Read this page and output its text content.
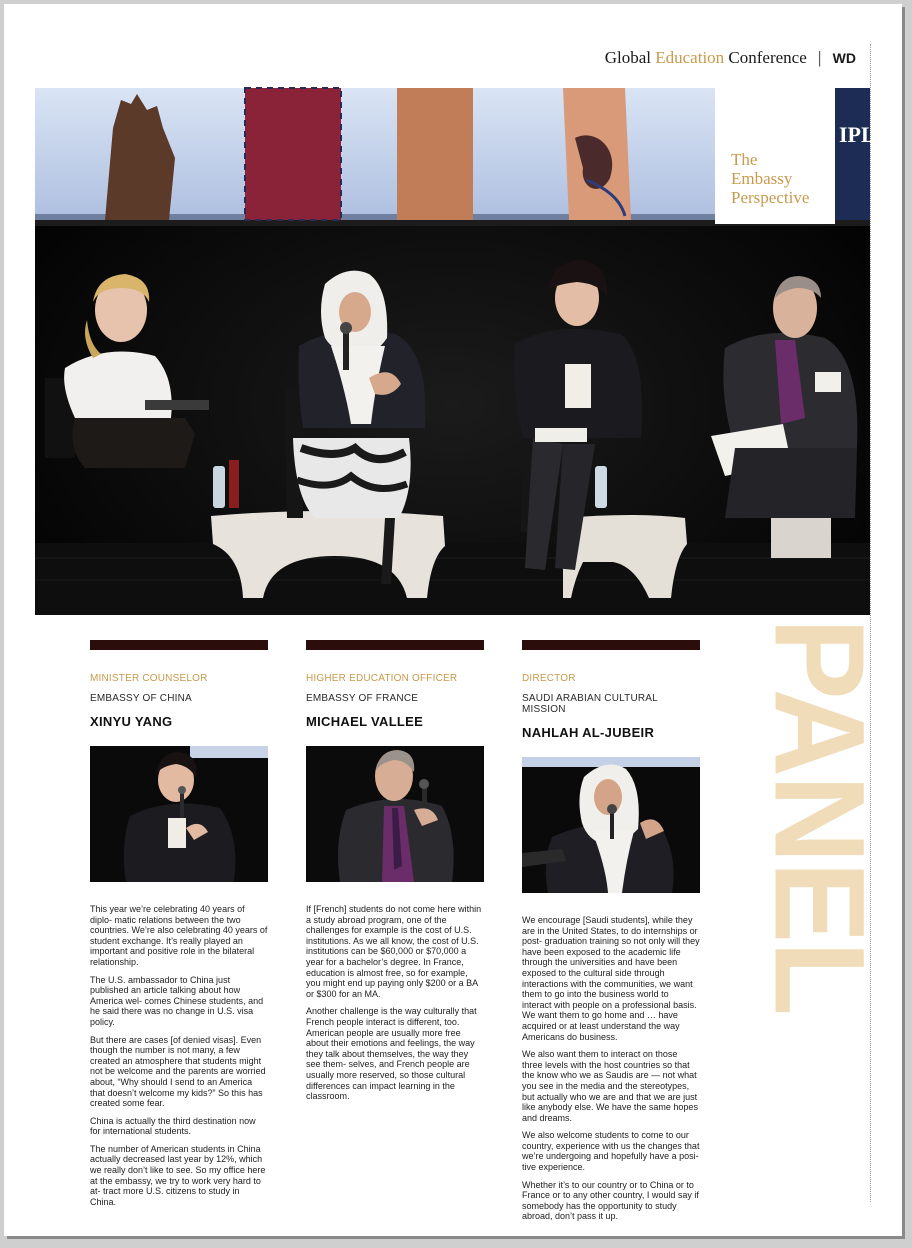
Global Education Conference | WD
IPL

The
Embassy
Perspective

PANEL

MINISTER COUNSELOR

EMBASSY OF CHINA

XINYU YANG

This year we’re celebrating 40 years of diplo- matic relations between the two countries. We’re also celebrating 40 years of student exchange. It’s really played an important and positive role in the bilateral relationship.

The U.S. ambassador to China just published an article talking about how America wel- comes Chinese students, and he said there was no change in U.S. visa policy.

But there are cases [of denied visas]. Even though the number is not many, a few created an atmosphere that students might not be welcome and the parents are worried about, “Why should I send to an America that doesn’t welcome my kids?” So this has created some fear.

China is actually the third destination now for international students.

The number of American students in China actually decreased last year by 12%, which we really don’t like to see. So my office here at the embassy, we try to work very hard to at- tract more U.S. citizens to study in China.

HIGHER EDUCATION OFFICER

EMBASSY OF FRANCE

MICHAEL VALLEE

If [French] students do not come here within a study abroad program, one of the challenges for example is the cost of U.S. institutions. As we all know, the cost of U.S. institutions can be $60,000 or $70,000 a year for a bachelor’s degree. In France, education is almost free, so for example, you might end up paying only $200 or a BA or $300 for an MA.

Another challenge is the way culturally that French people interact is different, too. American people are usually more free about their emotions and feelings, the way they talk about themselves, the way they see them- selves, and French people are usually more reserved, so those cultural differences can impact learning in the classroom.

DIRECTOR

SAUDI ARABIAN CULTURAL MISSION

NAHLAH AL-JUBEIR

We encourage [Saudi students], while they are in the United States, to do internships or post- graduation training so not only will they have been exposed to the academic life through the universities and have been exposed to the cultural side through interactions with the communities, we want them to go into the business world to interact with people on a professional basis. We want them to go home and … have acquired or at least understand the way Americans do business.

We also want them to interact on those three levels with the host countries so that the know who we as Saudis are — not what you see in the media and the stereotypes, but actually who we are and that we are just like anybody else. We have the same hopes and dreams.

We also welcome students to come to our country, experience with us the changes that we’re undergoing and hopefully have a posi- tive experience.

Whether it’s to our country or to China or to France or to any other country, I would say if somebody has the opportunity to study abroad, don’t pass it up.
